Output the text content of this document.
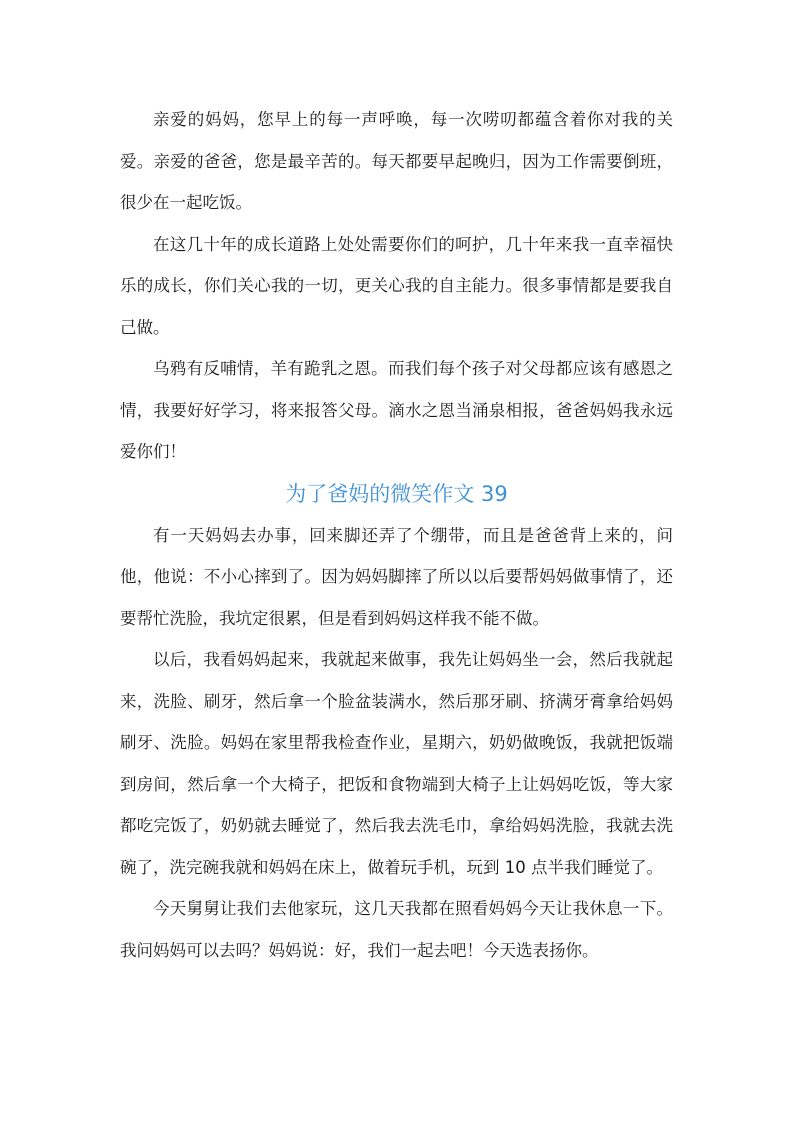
亲爱的妈妈，您早上的每一声呼唤，每一次唠叨都蕴含着你对我的关爱。亲爱的爸爸，您是最辛苦的。每天都要早起晚归，因为工作需要倒班，很少在一起吃饭。

在这几十年的成长道路上处处需要你们的呵护，几十年来我一直幸福快乐的成长，你们关心我的一切，更关心我的自主能力。很多事情都是要我自己做。

乌鸦有反哺情，羊有跪乳之恩。而我们每个孩子对父母都应该有感恩之情，我要好好学习，将来报答父母。滴水之恩当涌泉相报，爸爸妈妈我永远爱你们！

为了爸妈的微笑作文 39

有一天妈妈去办事，回来脚还弄了个绷带，而且是爸爸背上来的，问他，他说：不小心摔到了。因为妈妈脚摔了所以以后要帮妈妈做事情了，还要帮忙洗脸，我坑定很累，但是看到妈妈这样我不能不做。

以后，我看妈妈起来，我就起来做事，我先让妈妈坐一会，然后我就起来，洗脸、刷牙，然后拿一个脸盆装满水，然后那牙刷、挤满牙膏拿给妈妈刷牙、洗脸。妈妈在家里帮我检查作业，星期六，奶奶做晚饭，我就把饭端到房间，然后拿一个大椅子，把饭和食物端到大椅子上让妈妈吃饭，等大家都吃完饭了，奶奶就去睡觉了，然后我去洗毛巾，拿给妈妈洗脸，我就去洗碗了，洗完碗我就和妈妈在床上，做着玩手机，玩到 10 点半我们睡觉了。

今天舅舅让我们去他家玩，这几天我都在照看妈妈今天让我休息一下。我问妈妈可以去吗？妈妈说：好，我们一起去吧！今天选表扬你。
